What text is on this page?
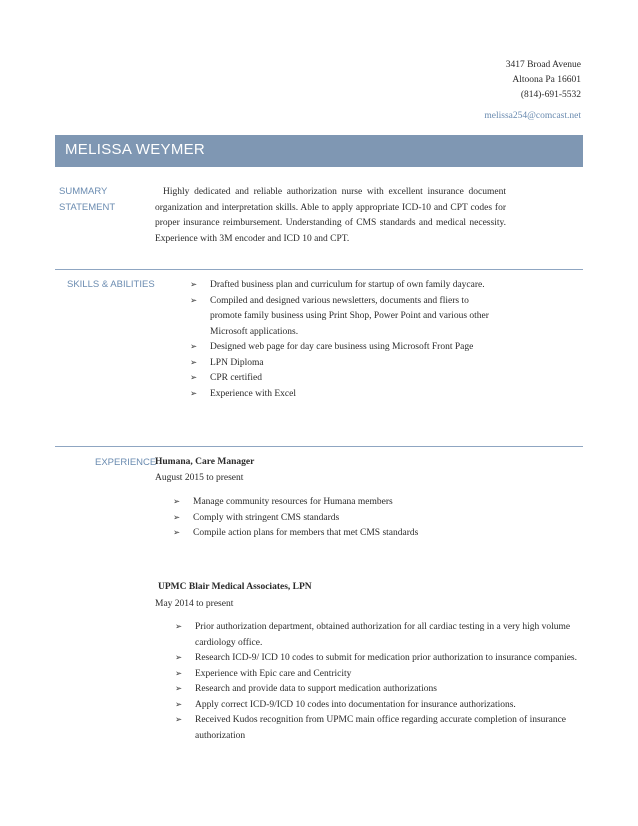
3417 Broad Avenue
Altoona Pa 16601
(814)-691-5532
melissa254@comcast.net
MELISSA WEYMER
SUMMARY
STATEMENT
Highly dedicated and reliable authorization nurse with excellent insurance document organization and interpretation skills. Able to apply appropriate ICD-10 and CPT codes for proper insurance reimbursement. Understanding of CMS standards and medical necessity. Experience with 3M encoder and ICD 10 and CPT.
SKILLS & ABILITIES	➢ Drafted business plan and curriculum for startup of own family daycare.
➢ Compiled and designed various newsletters, documents and fliers to promote family business using Print Shop, Power Point and various other Microsoft applications.
➢ Designed web page for day care business using Microsoft Front Page
➢ LPN Diploma
➢ CPR certified
➢ Experience with Excel
EXPERIENCE
Humana, Care Manager
August 2015 to present
➢ Manage community resources for Humana members
➢ Comply with stringent CMS standards
➢ Compile action plans for members that met CMS standards
UPMC Blair Medical Associates, LPN
May 2014 to present
➢ Prior authorization department, obtained authorization for all cardiac testing in a very high volume cardiology office.
➢ Research ICD-9/ ICD 10 codes to submit for medication prior authorization to insurance companies.
➢ Experience with Epic care and Centricity
➢ Research and provide data to support medication authorizations
➢ Apply correct ICD-9/ICD 10 codes into documentation for insurance authorizations.
➢ Received Kudos recognition from UPMC main office regarding accurate completion of insurance authorization
